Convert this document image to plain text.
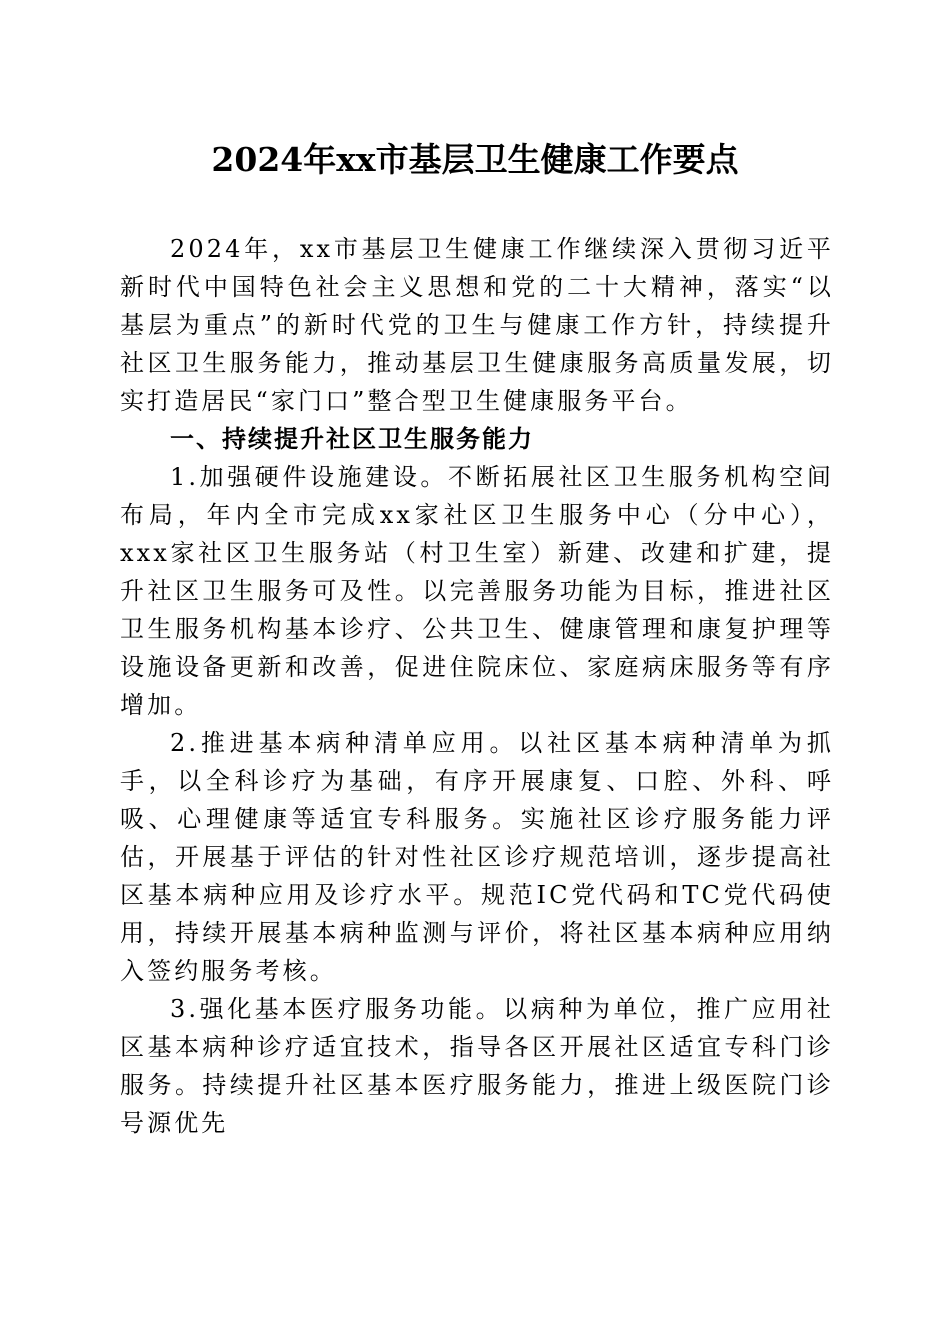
2024年xx市基层卫生健康工作要点

2024年，xx市基层卫生健康工作继续深入贯彻习近平新时代中国特色社会主义思想和党的二十大精神，落实“以基层为重点”的新时代党的卫生与健康工作方针，持续提升社区卫生服务能力，推动基层卫生健康服务高质量发展，切实打造居民“家门口”整合型卫生健康服务平台。

一、持续提升社区卫生服务能力

1.加强硬件设施建设。不断拓展社区卫生服务机构空间布局，年内全市完成xx家社区卫生服务中心（分中心），xxx家社区卫生服务站（村卫生室）新建、改建和扩建，提升社区卫生服务可及性。以完善服务功能为目标，推进社区卫生服务机构基本诊疗、公共卫生、健康管理和康复护理等设施设备更新和改善，促进住院床位、家庭病床服务等有序增加。

2.推进基本病种清单应用。以社区基本病种清单为抓手，以全科诊疗为基础，有序开展康复、口腔、外科、呼吸、心理健康等适宜专科服务。实施社区诊疗服务能力评估，开展基于评估的针对性社区诊疗规范培训，逐步提高社区基本病种应用及诊疗水平。规范IC党代码和TC党代码使用，持续开展基本病种监测与评价，将社区基本病种应用纳入签约服务考核。

3.强化基本医疗服务功能。以病种为单位，推广应用社区基本病种诊疗适宜技术，指导各区开展社区适宜专科门诊服务。持续提升社区基本医疗服务能力，推进上级医院门诊号源优先
